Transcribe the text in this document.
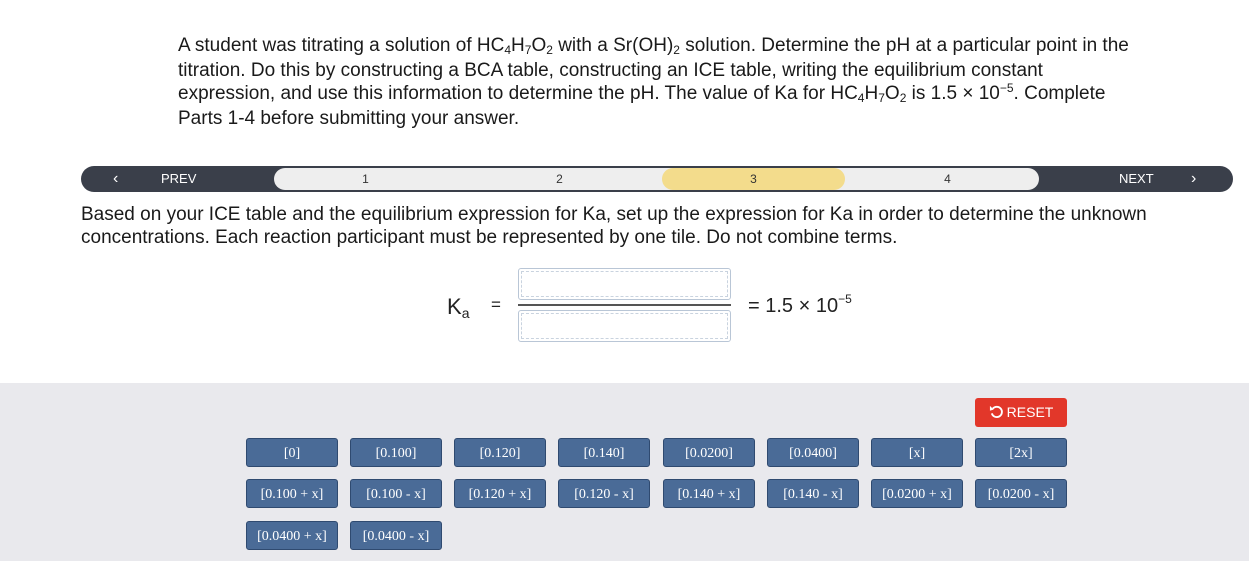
A student was titrating a solution of HC4H7O2 with a Sr(OH)2 solution. Determine the pH at a particular point in the titration. Do this by constructing a BCA table, constructing an ICE table, writing the equilibrium constant expression, and use this information to determine the pH. The value of Ka for HC4H7O2 is $1.5 \times 10^{-5}$. Complete Parts 1-4 before submitting your answer.
‹	PREV	1	2	3	4	NEXT ›
Based on your ICE table and the equilibrium expression for Ka, set up the expression for Ka in order to determine the unknown concentrations. Each reaction participant must be represented by one tile. Do not combine terms.
Ka =	= $1.5 \times 10^{-5}$
RESET
[0]	[0.100]	[0.120]	[0.140]	[0.0200]	[0.0400]	[x]	[2x]
[0.100 + x]	[0.100 - x]	[0.120 + x]	[0.120 - x]	[0.140 + x]	[0.140 - x]	[0.0200 + x]	[0.0200 - x]
[0.0400 + x]	[0.0400 - x]
